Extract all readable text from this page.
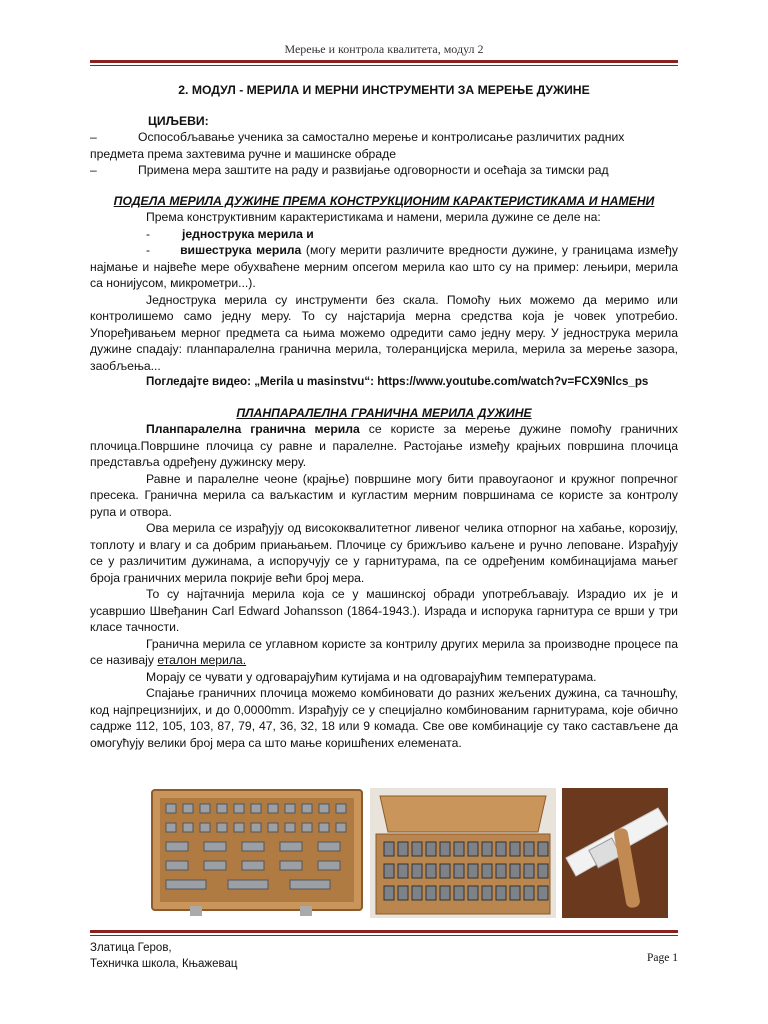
Мерење и контрола квалитета, модул 2

2. МОДУЛ - МЕРИЛА И МЕРНИ ИНСТРУМЕНТИ ЗА МЕРЕЊЕ ДУЖИНЕ

ЦИЉЕВИ:

–	Оспособљавање ученика за самостално мерење и контролисање различитих радних предмета према захтевима ручне и машинске обраде
–	Примена мера заштите на раду и развијање одговорности и осећаја за тимски рад

ПОДЕЛА МЕРИЛА ДУЖИНЕ ПРЕМА КОНСТРУКЦИОНИМ КАРАКТЕРИСТИКАМА И НАМЕНИ

Према конструктивним карактеристикама и намени, мерила дужине се деле на:

-	једнострука мерила и

- вишеструка мерила (могу мерити различите вредности дужине, у границама између најмање и највеће мере обухваћене мерним опсегом мерила као што су на пример: лењири, мерила са нонијусом, микрометри...).

Једнострука мерила су инструменти без скала. Помоћу њих можемо да меримо или контролишемо само једну меру. То су најстарија мерна средства која је човек употребио. Упоређивањем мерног предмета са њима можемо одредити само једну меру. У једнострука мерила дужине спадају: планпаралелна гранична мерила, толеранцијска мерила, мерила за мерење зазора, заобљења...

Погледајте видео: „Merila u masinstvu“: https://www.youtube.com/watch?v=FCX9Nlcs_ps

ПЛАНПАРАЛЕЛНА ГРАНИЧНА МЕРИЛА ДУЖИНЕ

Планпаралелна гранична мерила се користе за мерење дужине помоћу граничних плочица.Површине плочица су равне и паралелне. Растојање између крајњих површина плочица представља одређену дужинску меру.

Равне и паралелне чеоне (крајње) површине могу бити правоугаоног и кружног попречног пресека. Гранична мерила са ваљкастим и кугластим мерним површинама се користе за контролу рупа и отвора.

Ова мерила се израђују од висококвалитетног ливеног челика отпорног на хабање, корозију, топлоту и влагу и са добрим приањањем. Плочице су брижљиво каљене и ручно леповане. Израђују се у различитим дужинама, а испоручују се у гарнитурама, па се одређеним комбинацијама мањег броја граничних мерила покрије већи број мера.

То су најтачнија мерила која се у машинској обради употребљавају. Израдио их је и усавршио Швеђанин Carl Edward Johansson (1864-1943.). Израда и испорука гарнитура се врши у три класе тачности.

Гранична мерила се углавном користе за контрилу других мерила за производне процесе па се називају еталон мерила.

Морају се чувати у одговарајућим кутијама и на одговарајућим температурама.

Спајање граничних плочица можемо комбиновати до разних жељених дужина, са тачношћу, код најпрецизнијих, и до 0,0000mm. Израђују се у специјално комбинованим гарнитурама, које обично садрже 112, 105, 103, 87, 79, 47, 36, 32, 18 или 9 комада. Све ове комбинације су тако састављене да омогућују велики број мера са што мање коришћених елемената.

Златица Геров,
Техничка школа, Књажевац	Page 1
